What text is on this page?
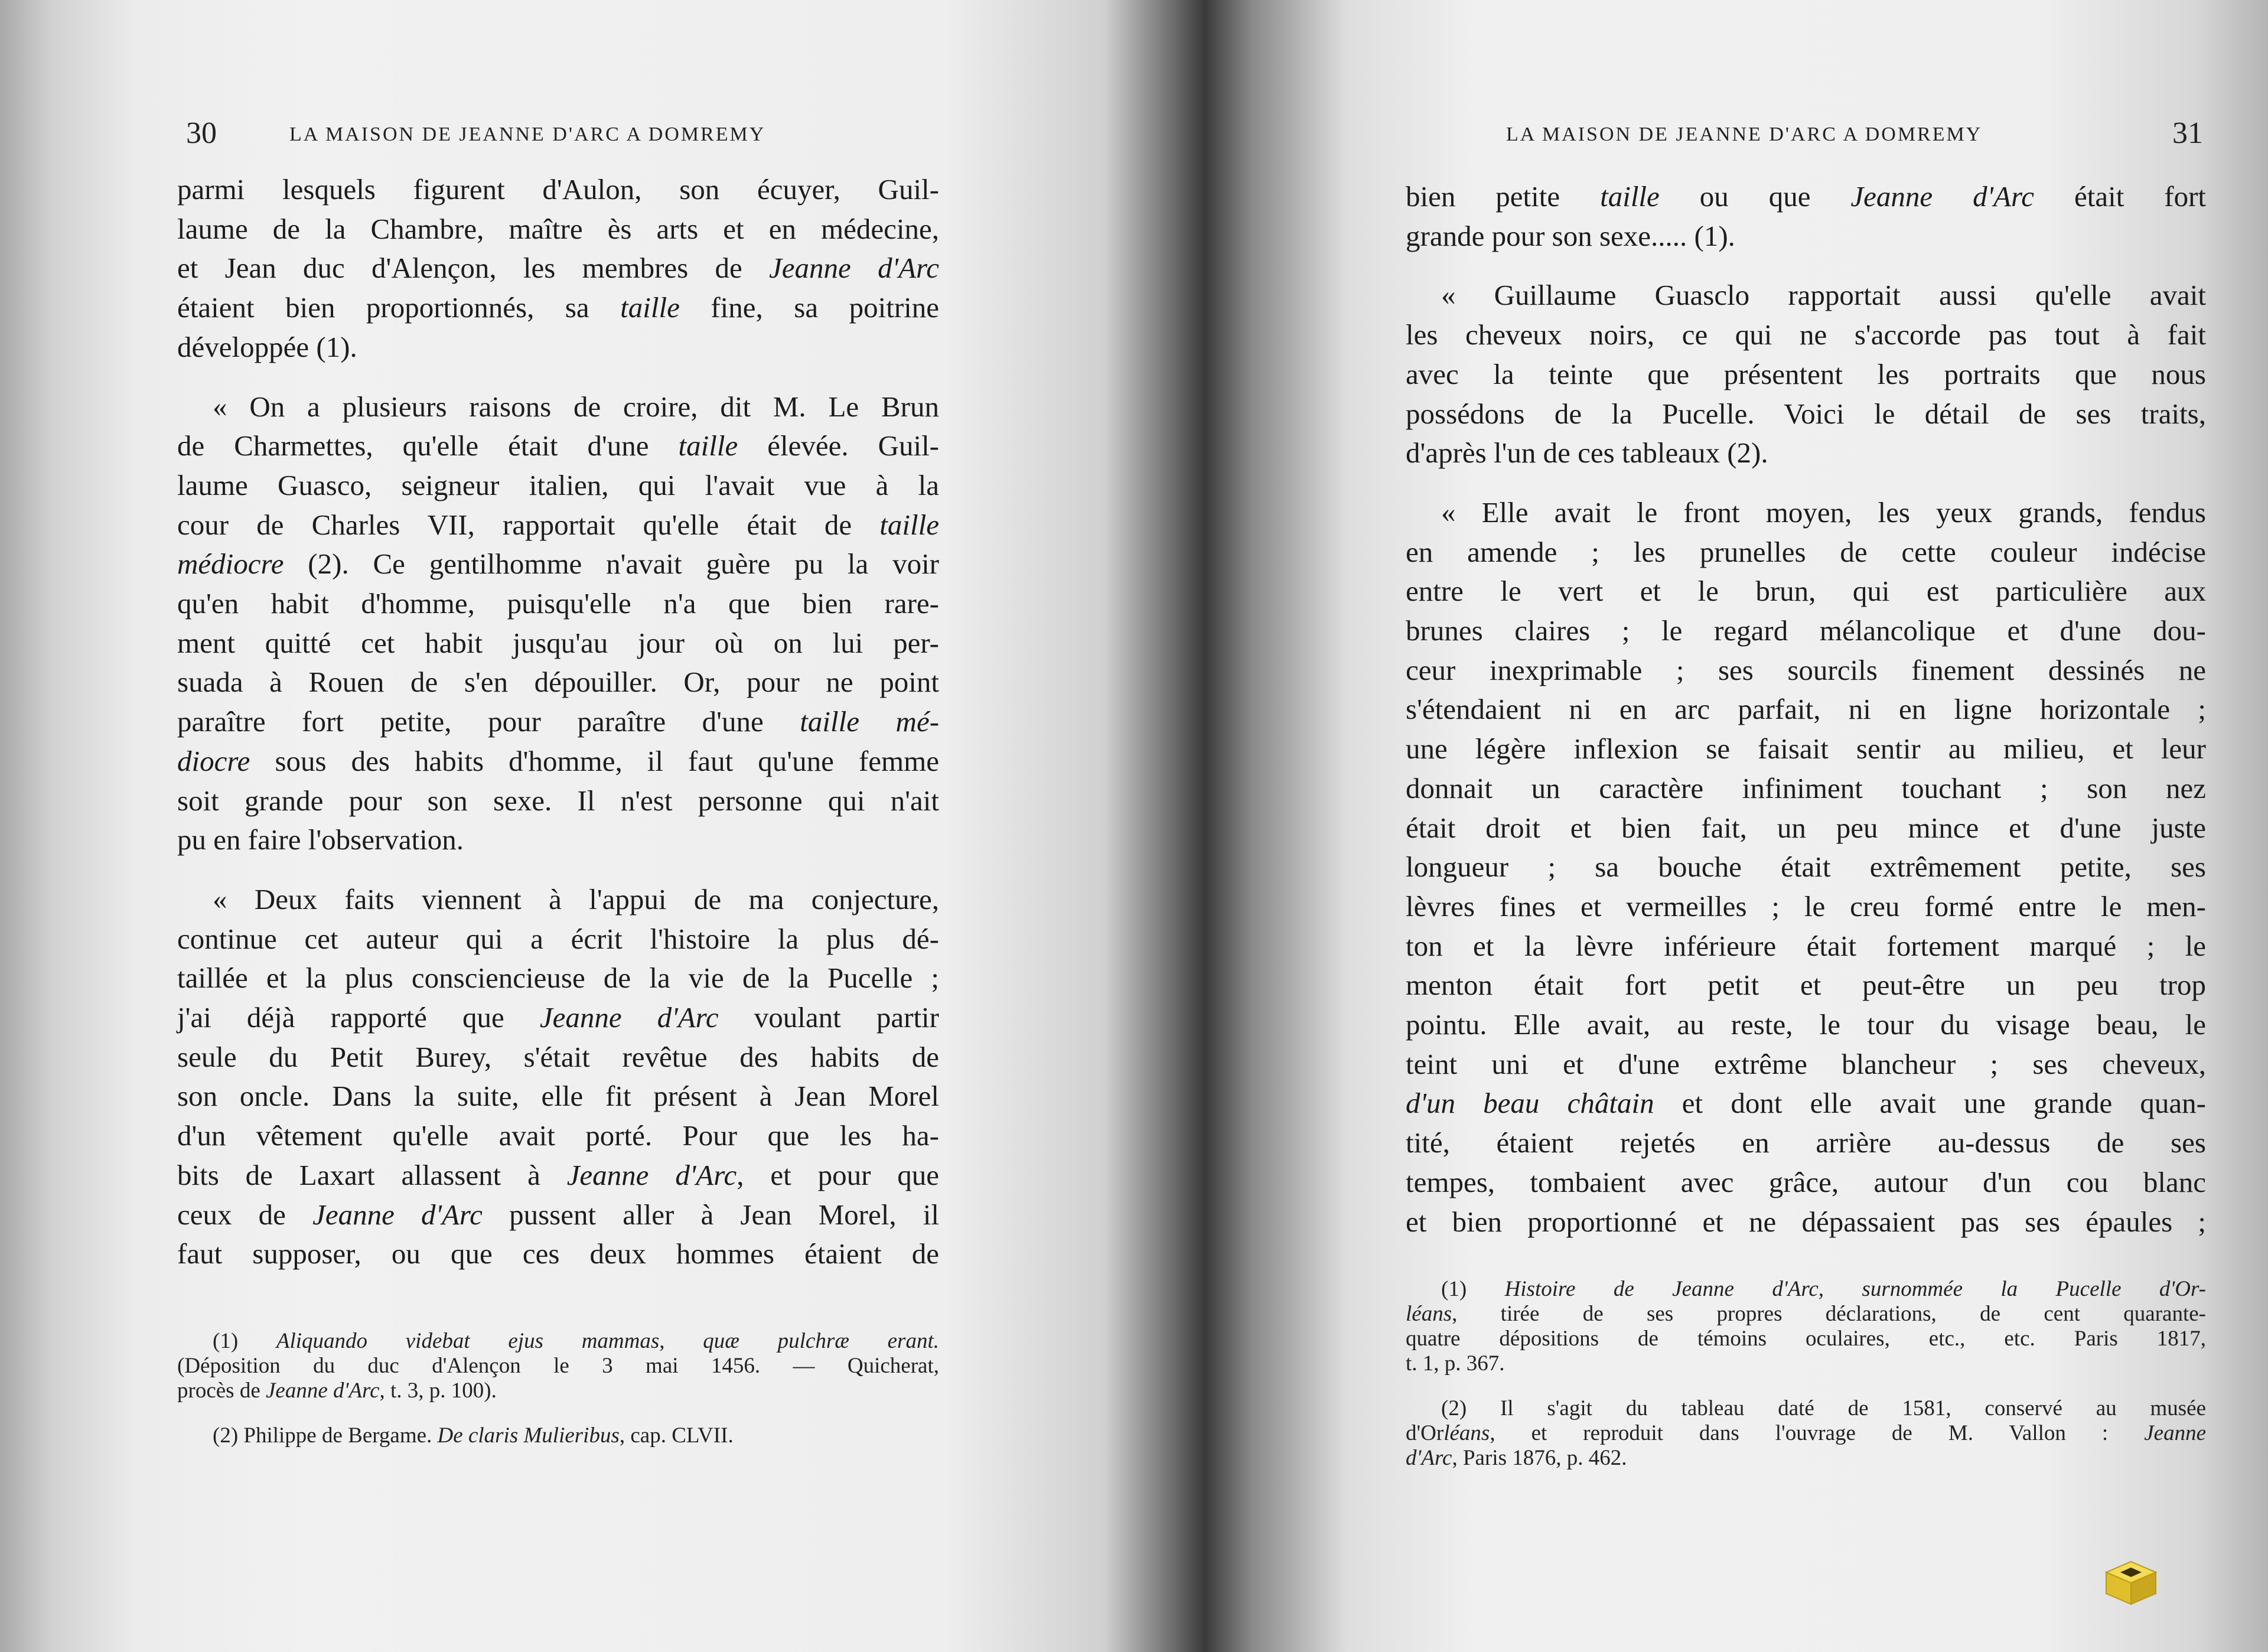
30	LA MAISON DE JEANNE D'ARC A DOMREMY

parmi lesquels figurent d'Aulon, son écuyer, Guil-
laume de la Chambre, maître ès arts et en médecine,
et Jean duc d'Alençon, les membres de Jeanne d'Arc
étaient bien proportionnés, sa taille fine, sa poitrine
développée (1).

« On a plusieurs raisons de croire, dit M. Le Brun
de Charmettes, qu'elle était d'une taille élevée. Guil-
laume Guasco, seigneur italien, qui l'avait vue à la
cour de Charles VII, rapportait qu'elle était de taille
médiocre (2). Ce gentilhomme n'avait guère pu la voir
qu'en habit d'homme, puisqu'elle n'a que bien rare-
ment quitté cet habit jusqu'au jour où on lui per-
suada à Rouen de s'en dépouiller. Or, pour ne point
paraître fort petite, pour paraître d'une taille mé-
diocre sous des habits d'homme, il faut qu'une femme
soit grande pour son sexe. Il n'est personne qui n'ait
pu en faire l'observation.

« Deux faits viennent à l'appui de ma conjecture,
continue cet auteur qui a écrit l'histoire la plus dé-
taillée et la plus consciencieuse de la vie de la Pucelle ;
j'ai déjà rapporté que Jeanne d'Arc voulant partir
seule du Petit Burey, s'était revêtue des habits de
son oncle. Dans la suite, elle fit présent à Jean Morel
d'un vêtement qu'elle avait porté. Pour que les ha-
bits de Laxart allassent à Jeanne d'Arc, et pour que
ceux de Jeanne d'Arc pussent aller à Jean Morel, il
faut supposer, ou que ces deux hommes étaient de

(1) Aliquando videbat ejus mammas, quæ pulchræ erant.
(Déposition du duc d'Alençon le 3 mai 1456. — Quicherat,
procès de Jeanne d'Arc, t. 3, p. 100).

(2) Philippe de Bergame. De claris Mulieribus, cap. CLVII.

LA MAISON DE JEANNE D'ARC A DOMREMY	31

bien petite taille ou que Jeanne d'Arc était fort
grande pour son sexe..... (1).

« Guillaume Guasclo rapportait aussi qu'elle avait
les cheveux noirs, ce qui ne s'accorde pas tout à fait
avec la teinte que présentent les portraits que nous
possédons de la Pucelle. Voici le détail de ses traits,
d'après l'un de ces tableaux (2).

« Elle avait le front moyen, les yeux grands, fendus
en amende ; les prunelles de cette couleur indécise
entre le vert et le brun, qui est particulière aux
brunes claires ; le regard mélancolique et d'une dou-
ceur inexprimable ; ses sourcils finement dessinés ne
s'étendaient ni en arc parfait, ni en ligne horizontale ;
une légère inflexion se faisait sentir au milieu, et leur
donnait un caractère infiniment touchant ; son nez
était droit et bien fait, un peu mince et d'une juste
longueur ; sa bouche était extrêmement petite, ses
lèvres fines et vermeilles ; le creu formé entre le men-
ton et la lèvre inférieure était fortement marqué ; le
menton était fort petit et peut-être un peu trop
pointu. Elle avait, au reste, le tour du visage beau, le
teint uni et d'une extrême blancheur ; ses cheveux,
d'un beau châtain et dont elle avait une grande quan-
tité, étaient rejetés en arrière au-dessus de ses
tempes, tombaient avec grâce, autour d'un cou blanc
et bien proportionné et ne dépassaient pas ses épaules ;

(1) Histoire de Jeanne d'Arc, surnommée la Pucelle d'Or-
léans, tirée de ses propres déclarations, de cent quarante-
quatre dépositions de témoins oculaires, etc., etc. Paris 1817,
t. 1, p. 367.

(2) Il s'agit du tableau daté de 1581, conservé au musée
d'Orléans, et reproduit dans l'ouvrage de M. Vallon : Jeanne
d'Arc, Paris 1876, p. 462.
